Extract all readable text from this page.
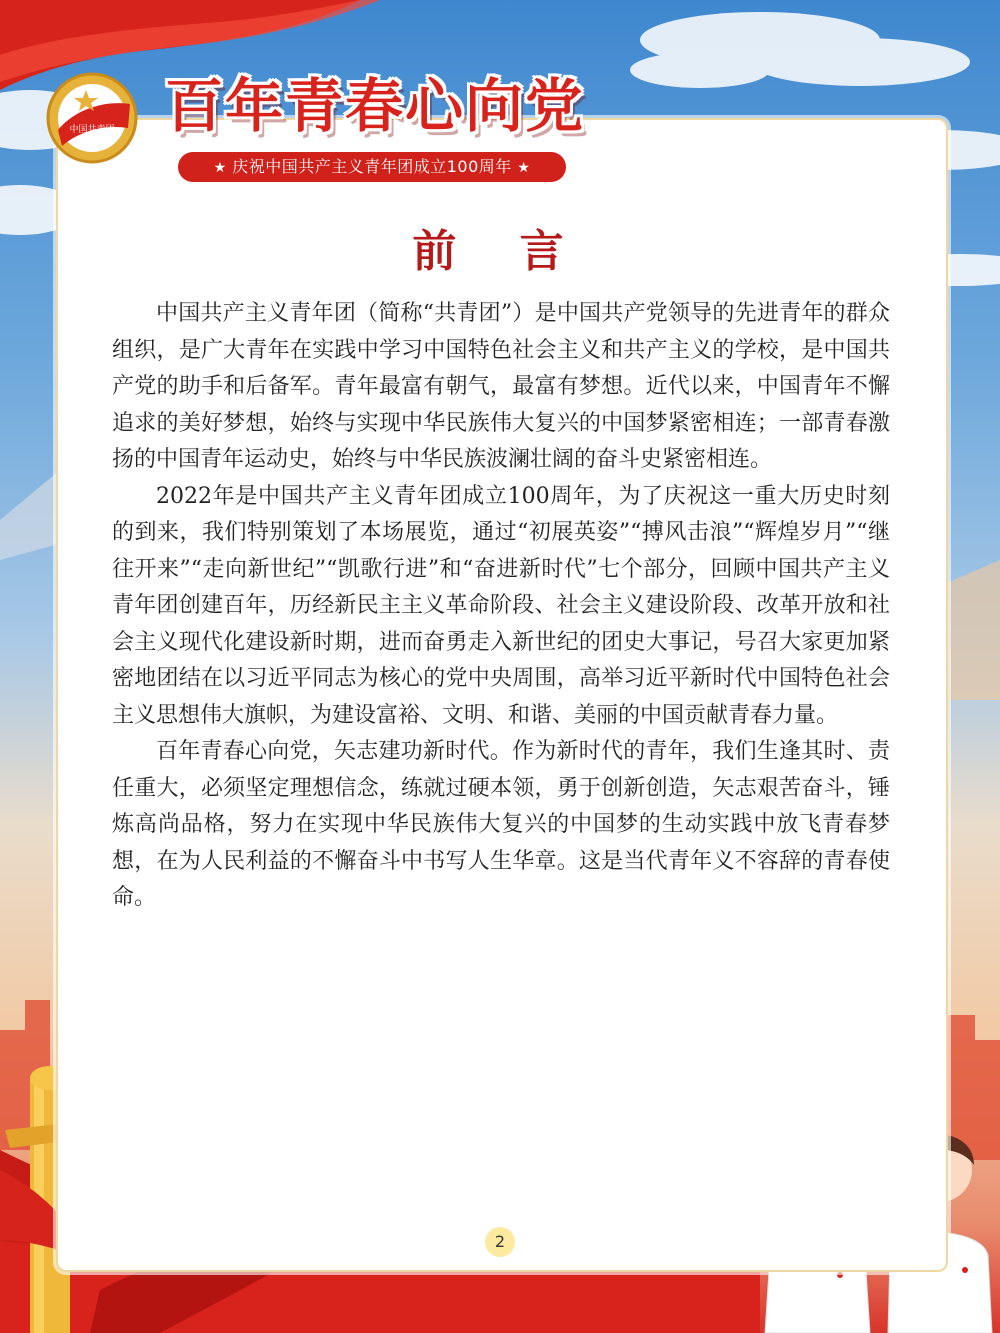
中国共青团 百年青春心向党
★ 庆祝中国共产主义青年团成立100周年 ★
前 言

中国共产主义青年团（简称“共青团”）是中国共产党领导的先进青年的群众组织，是广大青年在实践中学习中国特色社会主义和共产主义的学校，是中国共产党的助手和后备军。青年最富有朝气，最富有梦想。近代以来，中国青年不懈追求的美好梦想，始终与实现中华民族伟大复兴的中国梦紧密相连；一部青春激扬的中国青年运动史，始终与中华民族波澜壮阔的奋斗史紧密相连。

2022年是中国共产主义青年团成立100周年，为了庆祝这一重大历史时刻的到来，我们特别策划了本场展览，通过“初展英姿”“搏风击浪”“辉煌岁月”“继往开来”“走向新世纪”“凯歌行进”和“奋进新时代”七个部分，回顾中国共产主义青年团创建百年，历经新民主主义革命阶段、社会主义建设阶段、改革开放和社会主义现代化建设新时期，进而奋勇走入新世纪的团史大事记，号召大家更加紧密地团结在以习近平同志为核心的党中央周围，高举习近平新时代中国特色社会主义思想伟大旗帜，为建设富裕、文明、和谐、美丽的中国贡献青春力量。

百年青春心向党，矢志建功新时代。作为新时代的青年，我们生逢其时、责任重大，必须坚定理想信念，练就过硬本领，勇于创新创造，矢志艰苦奋斗，锤炼高尚品格，努力在实现中华民族伟大复兴的中国梦的生动实践中放飞青春梦想，在为人民利益的不懈奋斗中书写人生华章。这是当代青年义不容辞的青春使命。

2
